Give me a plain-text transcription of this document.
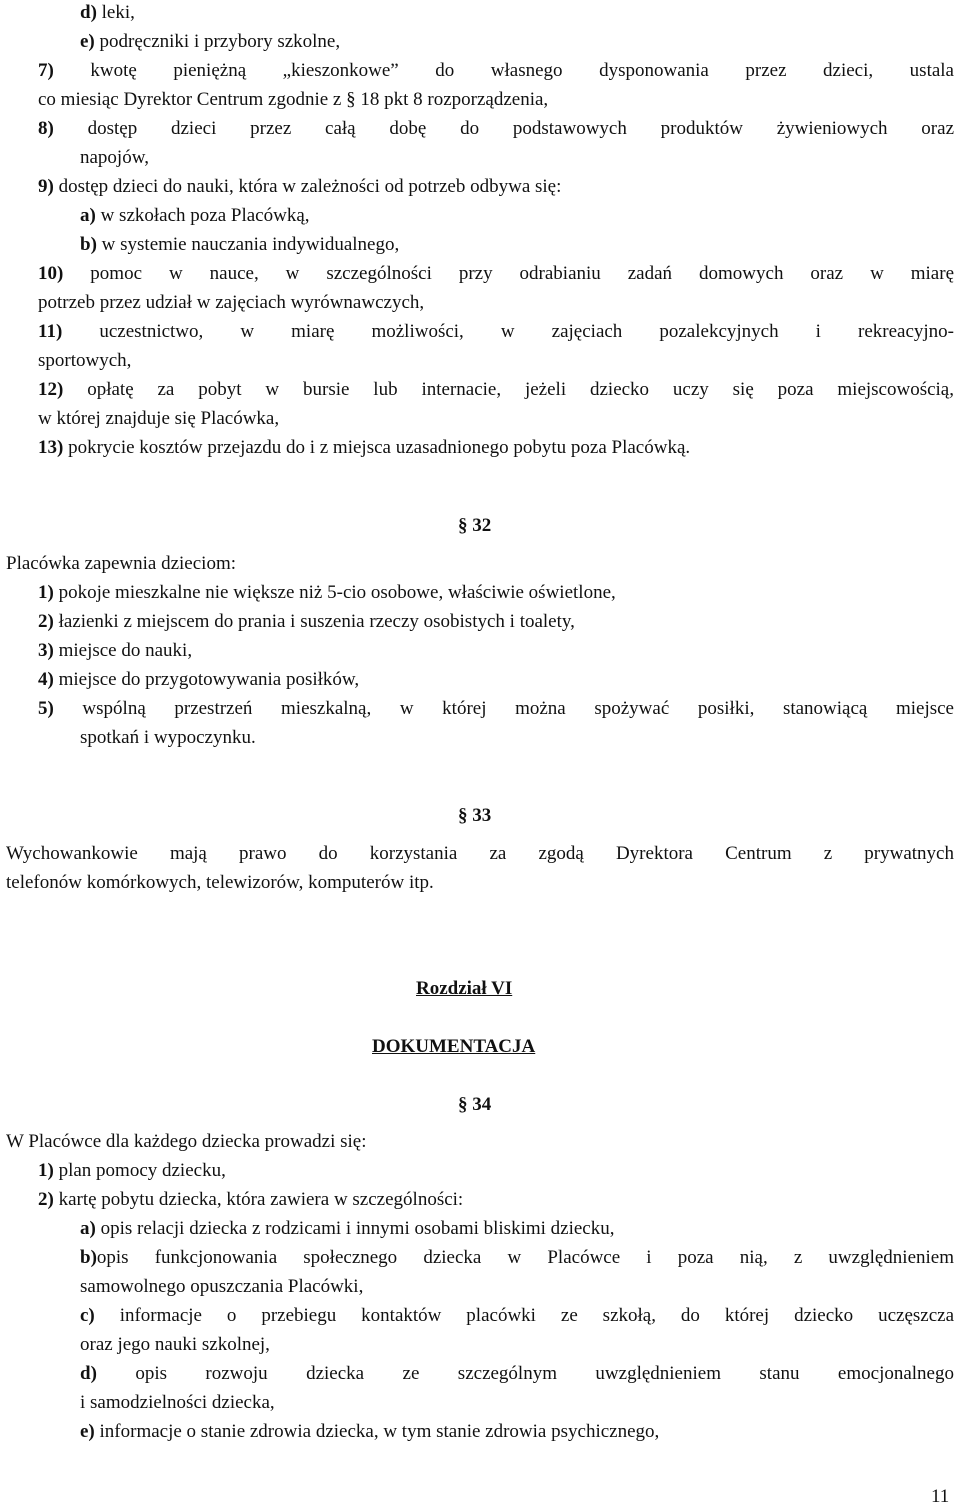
d) leki,

e) podręczniki i przybory szkolne,

7) kwotę pieniężną „kieszonkowe” do własnego dysponowania przez dzieci, ustala

co miesiąc Dyrektor Centrum zgodnie z § 18 pkt 8 rozporządzenia,

8) dostęp dzieci przez całą dobę do podstawowych produktów żywieniowych oraz

napojów,

9) dostęp dzieci do nauki, która w zależności od potrzeb odbywa się:

a) w szkołach poza Placówką,

b) w systemie nauczania indywidualnego,

10) pomoc w nauce, w szczególności przy odrabianiu zadań domowych oraz w miarę

potrzeb przez udział w zajęciach wyrównawczych,

11) uczestnictwo, w miarę możliwości, w zajęciach pozalekcyjnych i rekreacyjno-

sportowych,

12) opłatę za pobyt w bursie lub internacie, jeżeli dziecko uczy się poza miejscowością,

w której znajduje się Placówka,

13) pokrycie kosztów przejazdu do i z miejsca uzasadnionego pobytu poza Placówką.

§ 32

Placówka zapewnia dzieciom:

1) pokoje mieszkalne nie większe niż 5-cio osobowe, właściwie oświetlone,

2) łazienki z miejscem do prania i suszenia rzeczy osobistych i toalety,

3) miejsce do nauki,

4) miejsce do przygotowywania posiłków,

5) wspólną przestrzeń mieszkalną, w której można spożywać posiłki, stanowiącą miejsce

spotkań i wypoczynku.

§ 33

Wychowankowie mają prawo do korzystania za zgodą Dyrektora Centrum z prywatnych

telefonów komórkowych, telewizorów, komputerów itp.

Rozdział VI

DOKUMENTACJA

§ 34

W Placówce dla każdego dziecka prowadzi się:

1) plan pomocy dziecku,

2) kartę pobytu dziecka, która zawiera w szczególności:

a) opis relacji dziecka z rodzicami i innymi osobami bliskimi dziecku,

b)opis funkcjonowania społecznego dziecka w Placówce i poza nią, z uwzględnieniem

samowolnego opuszczania Placówki,

c) informacje o przebiegu kontaktów placówki ze szkołą, do której dziecko uczęszcza

oraz jego nauki szkolnej,

d) opis rozwoju dziecka ze szczególnym uwzględnieniem stanu emocjonalnego

i samodzielności dziecka,

e) informacje o stanie zdrowia dziecka, w tym stanie zdrowia psychicznego,

11
